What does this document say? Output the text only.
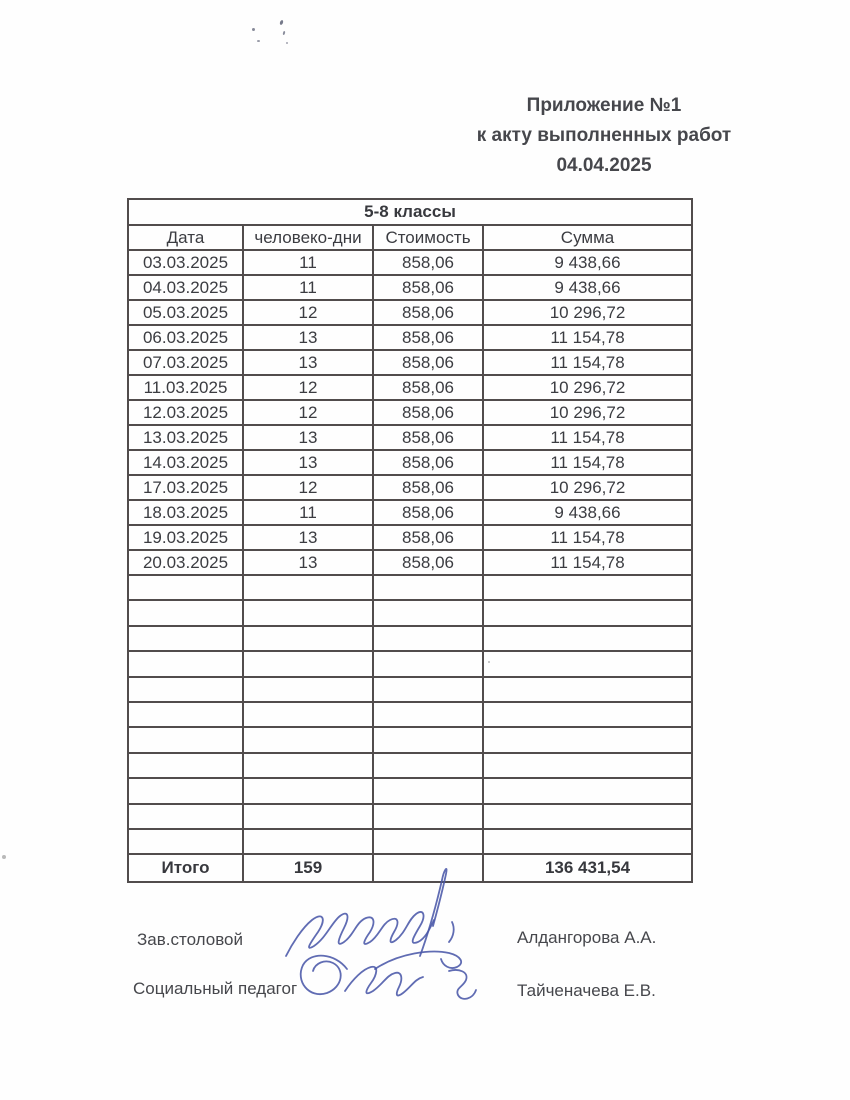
Приложение №1
к акту выполненных работ
04.04.2025
5-8 классы			
Дата	человеко-дни	Стоимость	Сумма
03.03.2025	11	858,06	9 438,66
04.03.2025	11	858,06	9 438,66
05.03.2025	12	858,06	10 296,72
06.03.2025	13	858,06	11 154,78
07.03.2025	13	858,06	11 154,78
11.03.2025	12	858,06	10 296,72
12.03.2025	12	858,06	10 296,72
13.03.2025	13	858,06	11 154,78
14.03.2025	13	858,06	11 154,78
17.03.2025	12	858,06	10 296,72
18.03.2025	11	858,06	9 438,66
19.03.2025	13	858,06	11 154,78
20.03.2025	13	858,06	11 154,78

Итого	159		136 431,54
Зав.столовой	Алдангорова А.А.
Социальный педагог	Тайченачева Е.В.
